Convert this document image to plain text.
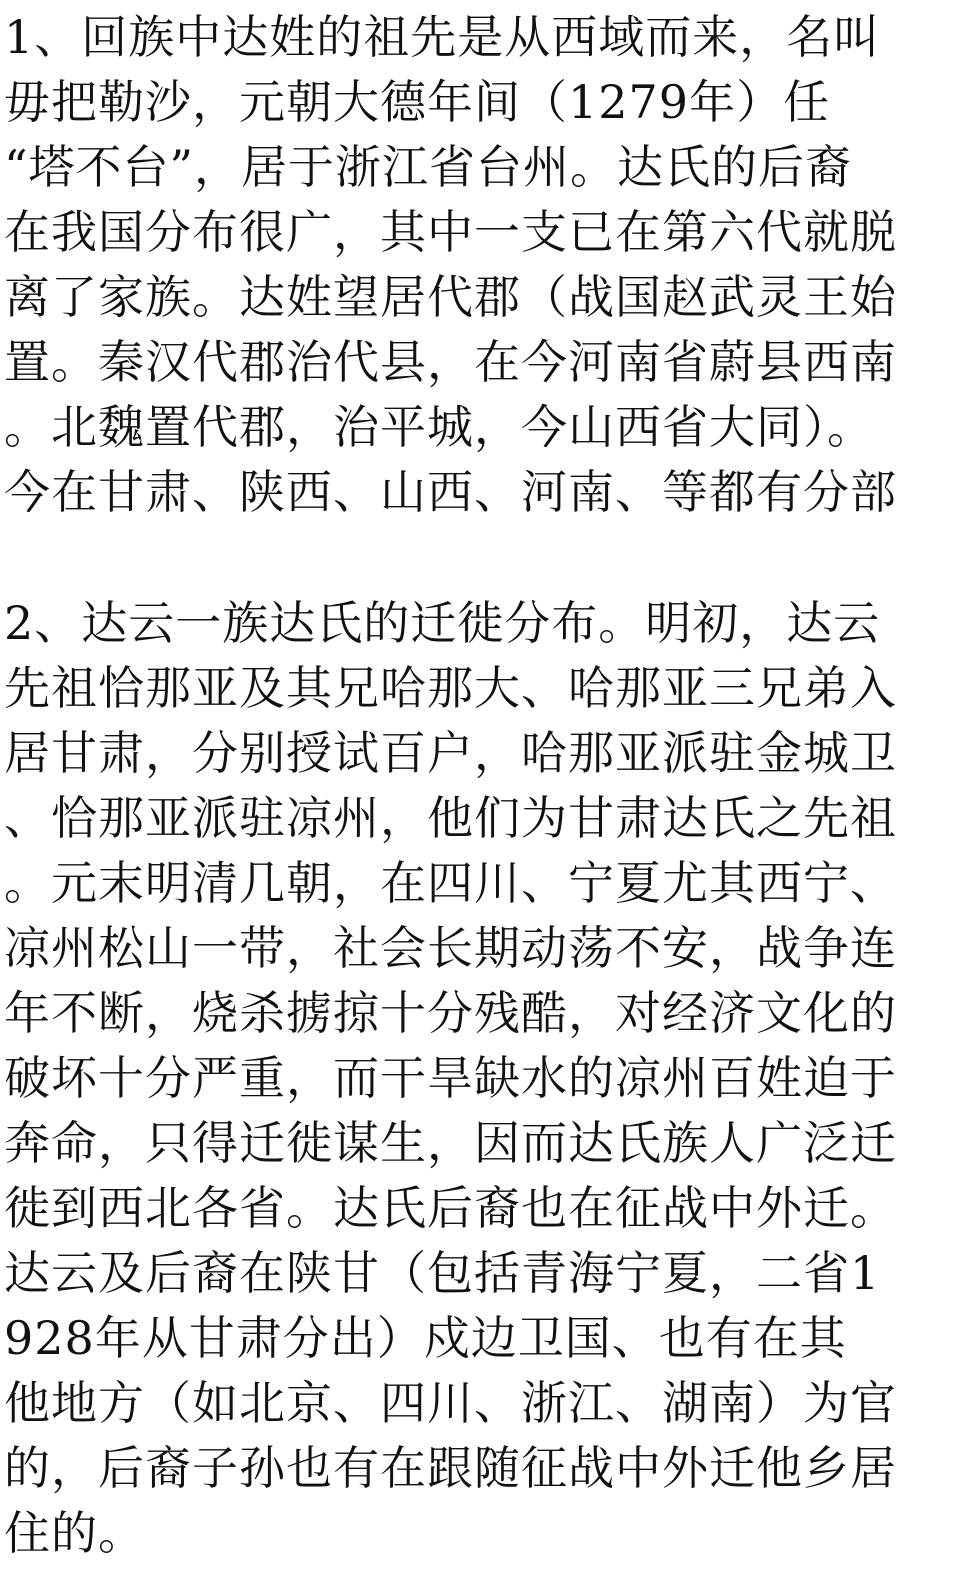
1、回族中达姓的祖先是从西域而来，名叫
毋把勒沙，元朝大德年间（1279年）任
“塔不台”，居于浙江省台州。达氏的后裔
在我国分布很广，其中一支已在第六代就脱
离了家族。达姓望居代郡（战国赵武灵王始
置。秦汉代郡治代县，在今河南省蔚县西南
。北魏置代郡，治平城，今山西省大同）。
今在甘肃、陕西、山西、河南、等都有分部
2、达云一族达氏的迁徙分布。明初，达云
先祖恰那亚及其兄哈那大、哈那亚三兄弟入
居甘肃，分别授试百户，哈那亚派驻金城卫
、恰那亚派驻凉州，他们为甘肃达氏之先祖
。元末明清几朝，在四川、宁夏尤其西宁、
凉州松山一带，社会长期动荡不安，战争连
年不断，烧杀掳掠十分残酷，对经济文化的
破坏十分严重，而干旱缺水的凉州百姓迫于
奔命，只得迁徙谋生，因而达氏族人广泛迁
徙到西北各省。达氏后裔也在征战中外迁。
达云及后裔在陕甘（包括青海宁夏，二省1
928年从甘肃分出）戍边卫国、也有在其
他地方（如北京、四川、浙江、湖南）为官
的，后裔子孙也有在跟随征战中外迁他乡居
住的。
